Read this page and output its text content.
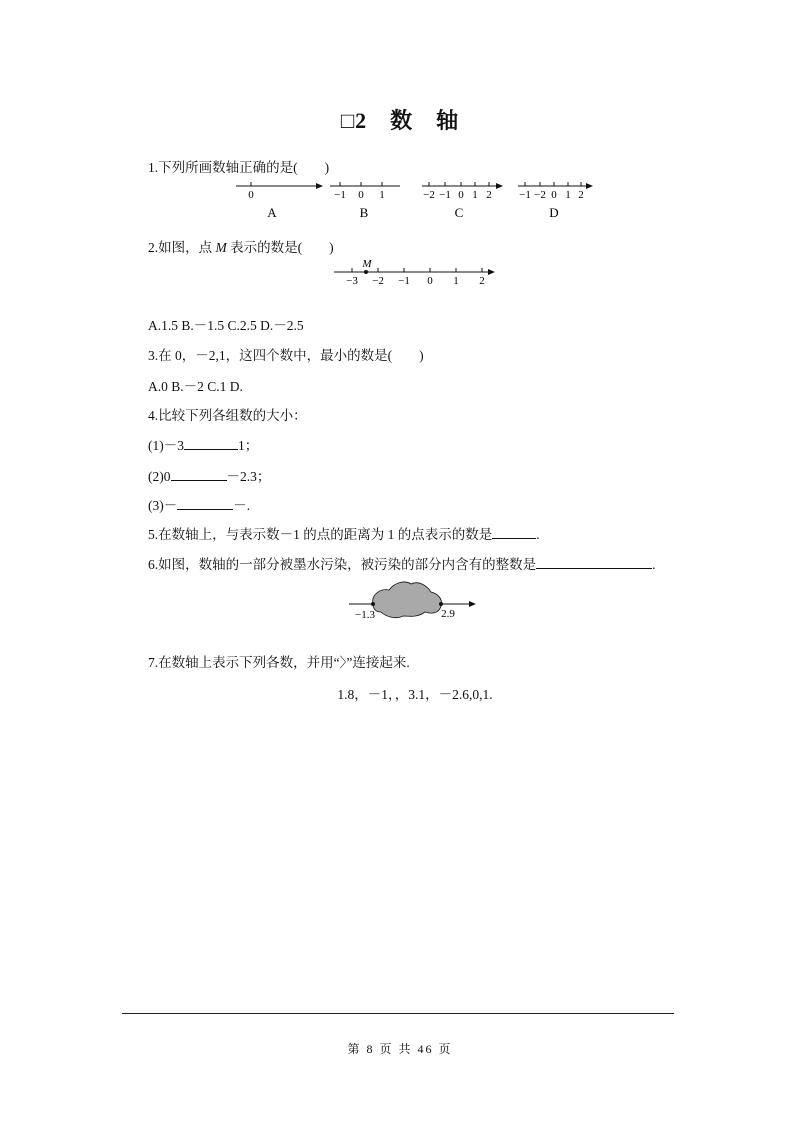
□2　数　轴
1.下列所画数轴正确的是(　　)
0
A
−1 0 1
B
−2 −1 0 1 2
C
−1 −2 0 1 2
D
2.如图，点 M 表示的数是(　　)
M
−3 −2 −1 0 1 2
A.1.5 B.－1.5 C.2.5 D.－2.5
3.在 0，－2,1，这四个数中，最小的数是(　　)
A.0 B.－2 C.1 D.
4.比较下列各组数的大小：
(1)－3	1；
(2)0	－2.3；
(3)－	－.
5.在数轴上，与表示数－1 的点的距离为 1 的点表示的数是	.
6.如图，数轴的一部分被墨水污染，被污染的部分内含有的整数是	.
−1.3	2.9
7.在数轴上表示下列各数，并用“〉”连接起来.
1.8，－1，，3.1，－2.6,0,1.
第 8 页 共 46 页
